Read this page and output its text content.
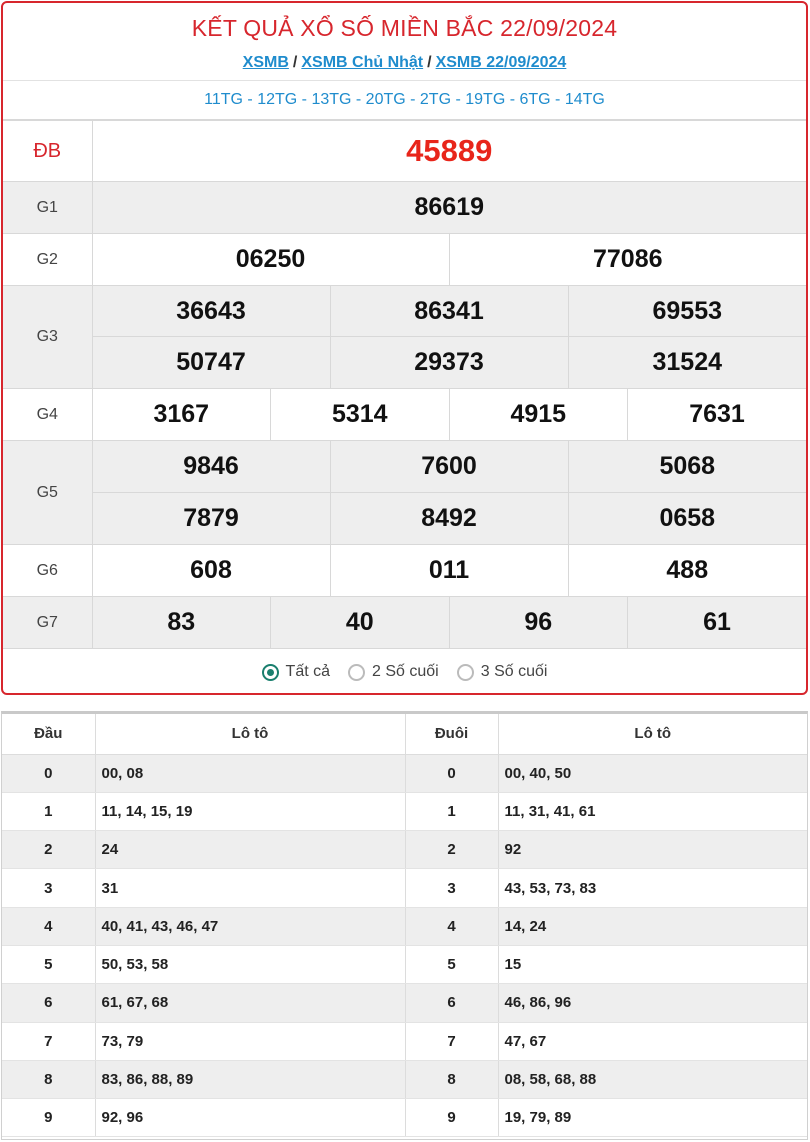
KẾT QUẢ XỔ SỐ MIỀN BẮC 22/09/2024
XSMB / XSMB Chủ Nhật / XSMB 22/09/2024
11TG - 12TG - 13TG - 20TG - 2TG - 19TG - 6TG - 14TG
ĐB	45889					
G1	86619					
G2	06250			77086		
G3	36643		86341		69553	
	50747		29373		31524	
G4	3167	5314		4915		7631
G5	9846		7600		5068	
	7879		8492		0658	
G6	608		011		488	
G7	83	40		96		61
Tất cả	2 Số cuối	3 Số cuối
Đầu	Lô tô	Đuôi	Lô tô
0	00, 08	0	00, 40, 50
1	11, 14, 15, 19	1	11, 31, 41, 61
2	24	2	92
3	31	3	43, 53, 73, 83
4	40, 41, 43, 46, 47	4	14, 24
5	50, 53, 58	5	15
6	61, 67, 68	6	46, 86, 96
7	73, 79	7	47, 67
8	83, 86, 88, 89	8	08, 58, 68, 88
9	92, 96	9	19, 79, 89
